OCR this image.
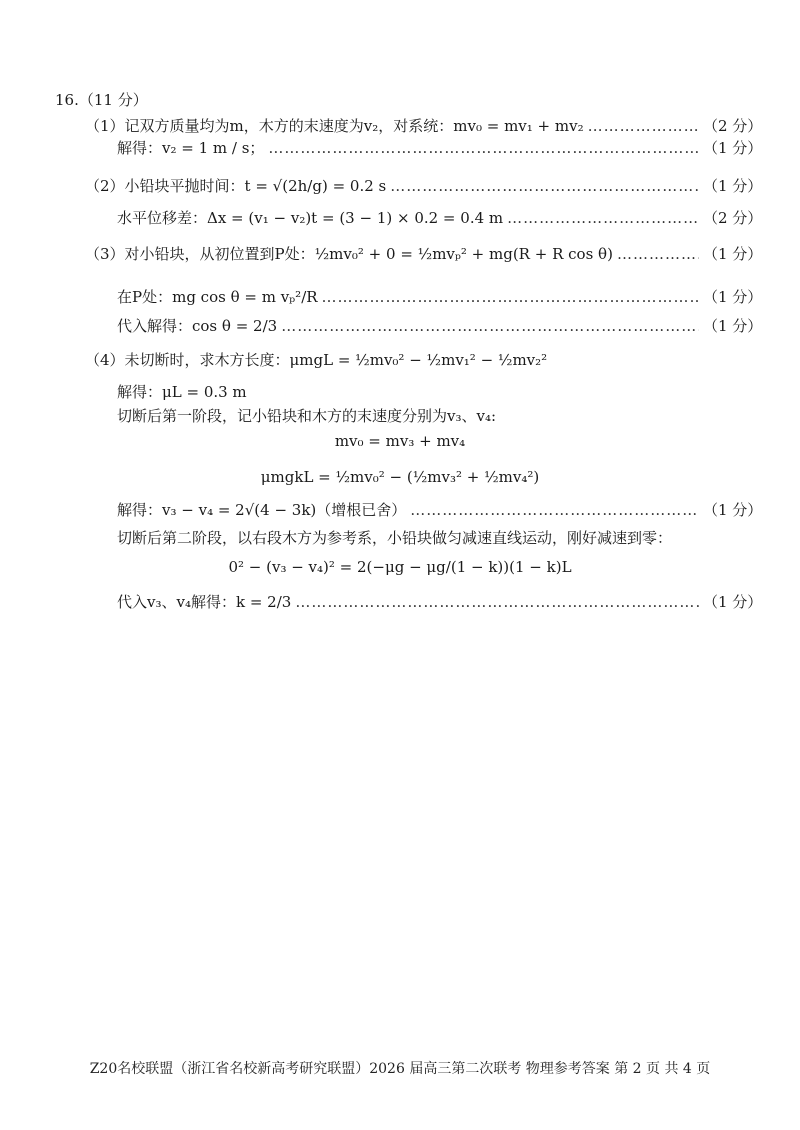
16.（11 分）
（1）记双方质量均为m，木方的末速度为v₂，对系统：mv₀ = mv₁ + mv₂ ……………………………………………………………………………………………………………………………………………………	（2 分）
解得：v₂ = 1 m / s； ……………………………………………………………………………………………………………………………………………………	（1 分）
（2）小铅块平抛时间：t = √(2h/g) = 0.2 s ……………………………………………………………………………………………………………………………………………………	（1 分）
水平位移差：Δx = (v₁ − v₂)t = (3 − 1) × 0.2 = 0.4 m ……………………………………………………………………………………………………………………………………………………	（2 分）
（3）对小铅块，从初位置到P处：½mv₀² + 0 = ½mvₚ² + mg(R + R cos θ) ……………………………………………………………………………………………………………………………………………………	（1 分）
在P处：mg cos θ = m vₚ²/R ……………………………………………………………………………………………………………………………………………………	（1 分）
代入解得：cos θ = 2/3 ……………………………………………………………………………………………………………………………………………………	（1 分）
（4）未切断时，求木方长度：μmgL = ½mv₀² − ½mv₁² − ½mv₂²
解得：μL = 0.3 m
切断后第一阶段，记小铅块和木方的末速度分别为v₃、v₄:
mv₀ = mv₃ + mv₄
μmgkL = ½mv₀² − (½mv₃² + ½mv₄²)
解得：v₃ − v₄ = 2√(4 − 3k)（增根已舍） ……………………………………………………………………………………………………………………………………………………	（1 分）
切断后第二阶段，以右段木方为参考系，小铅块做匀减速直线运动，刚好减速到零：
0² − (v₃ − v₄)² = 2(−μg − μg/(1 − k))(1 − k)L
代入v₃、v₄解得：k = 2/3 ……………………………………………………………………………………………………………………………………………………	（1 分）
Z20名校联盟（浙江省名校新高考研究联盟）2026 届高三第二次联考 物理参考答案 第 2 页 共 4 页
